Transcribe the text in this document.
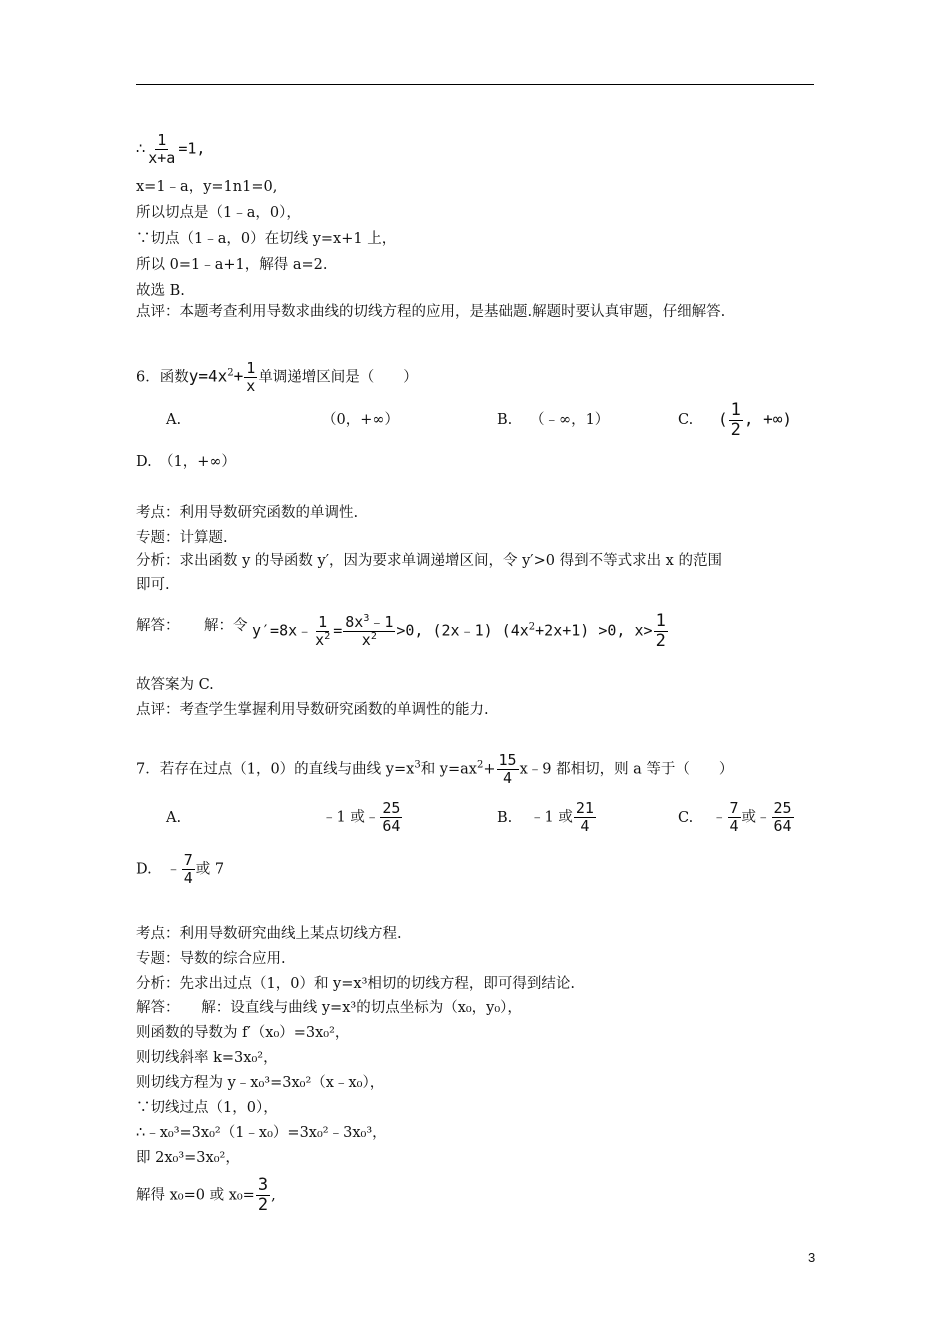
∴ $\frac{1}{x+a} =1$,
x=1﹣a，y=1n1=0,
所以切点是（1﹣a，0），
∵切点（1﹣a，0）在切线 y=x+1 上，
所以 0=1﹣a+1，解得 a=2.
故选 B.
点评：本题考查利用导数求曲线的切线方程的应用，是基础题.解题时要认真审题，仔细解答.
6．函数$y=4x^2+ \frac{1}{x}$ 单调递增区间是（　　）
A.	（0，+∞）	B. （﹣∞，1）	C. ( $\frac{1}{2}$ , +∞)
D.　 （1，+∞）
考点：利用导数研究函数的单调性.
专题：计算题.
分析：求出函数 y 的导函数 y′，因为要求单调递增区间，令 y′>0 得到不等式求出 x 的范围
即可.
解答： 解：令 y′=8x﹣ $\frac{1}{x^2} = \frac{8x^3﹣1}{x^2} >0$, (2x﹣1) $(4x^2+2x+1) >0$, $x> \frac{1}{2}$
故答案为 C.
点评：考查学生掌握利用导数研究函数的单调性的能力.
7．若存在过点（1，0）的直线与曲线 $y=x^3$和 $y=ax^2+ \frac{15}{4}$ x﹣9 都相切，则 a 等于（　　）
A.	﹣1 或﹣ $\frac{25}{64}$	B. ﹣1 或 $\frac{21}{4}$	C. ﹣ $\frac{7}{4}$ 或﹣ $\frac{25}{64}$
D.　 ﹣ $\frac{7}{4}$ 或 7
考点：利用导数研究曲线上某点切线方程.
专题：导数的综合应用.
分析：先求出过点（1，0）和 y=x³相切的切线方程，即可得到结论.
解答：　　解：设直线与曲线 y=x³的切点坐标为（x₀，y₀），
则函数的导数为 f′（x₀）=3x₀²，
则切线斜率 k=3x₀²，
则切线方程为 y﹣x₀³=3x₀²（x﹣x₀），
∵切线过点（1，0），
∴﹣x₀³=3x₀²（1﹣x₀）=3x₀²﹣3x₀³，
即 2x₀³=3x₀²，
解得 x₀=0 或 $x_0= \frac{3}{2}$ ,
3
